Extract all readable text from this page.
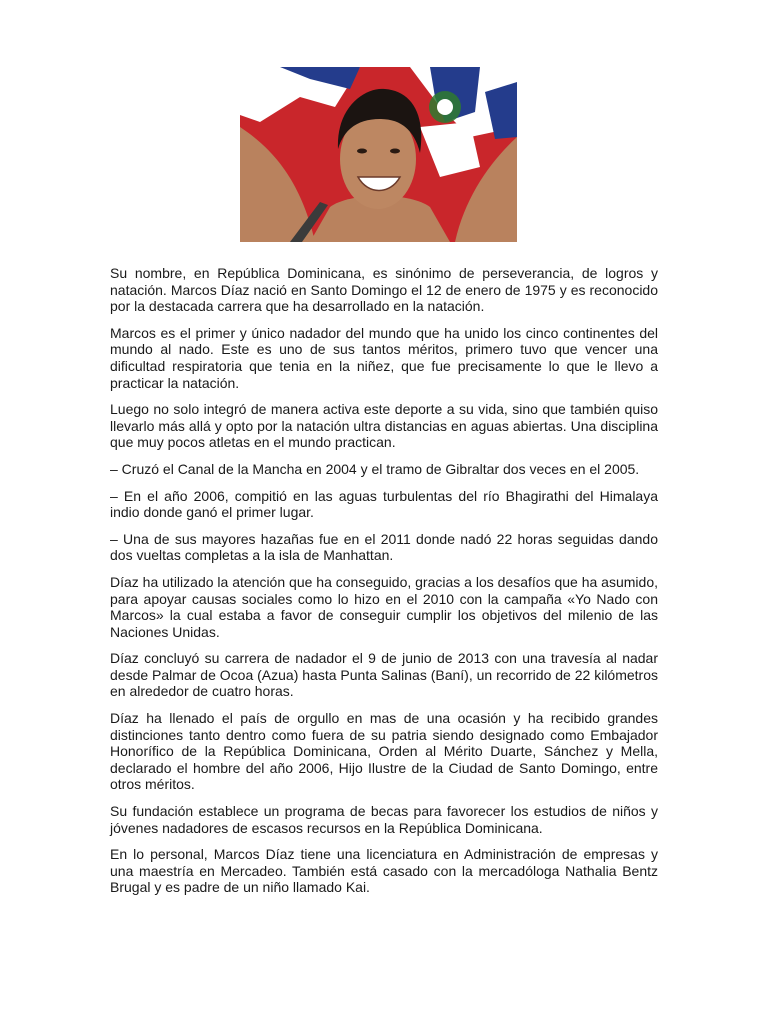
Su nombre, en República Dominicana, es sinónimo de perseverancia, de logros y natación. Marcos Díaz nació en Santo Domingo el 12 de enero de 1975 y es reconocido por la destacada carrera que ha desarrollado en la natación.

Marcos es el primer y único nadador del mundo que ha unido los cinco continentes del mundo al nado. Este es uno de sus tantos méritos, primero tuvo que vencer una dificultad respiratoria que tenia en la niñez, que fue precisamente lo que le llevo a practicar la natación.

Luego no solo integró de manera activa este deporte a su vida, sino que también quiso llevarlo más allá y opto por la natación ultra distancias en aguas abiertas. Una disciplina que muy pocos atletas en el mundo practican.

– Cruzó el Canal de la Mancha en 2004 y el tramo de Gibraltar dos veces en el 2005.

– En el año 2006, compitió en las aguas turbulentas del río Bhagirathi del Himalaya indio donde ganó el primer lugar.

– Una de sus mayores hazañas fue en el 2011 donde nadó 22 horas seguidas dando dos vueltas completas a la isla de Manhattan.

Díaz ha utilizado la atención que ha conseguido, gracias a los desafíos que ha asumido, para apoyar causas sociales como lo hizo en el 2010 con la campaña «Yo Nado con Marcos» la cual estaba a favor de conseguir cumplir los objetivos del milenio de las Naciones Unidas.

Díaz concluyó su carrera de nadador el 9 de junio de 2013 con una travesía al nadar desde Palmar de Ocoa (Azua) hasta Punta Salinas (Baní), un recorrido de 22 kilómetros en alrededor de cuatro horas.

Díaz ha llenado el país de orgullo en mas de una ocasión y ha recibido grandes distinciones tanto dentro como fuera de su patria siendo designado como Embajador Honorífico de la República Dominicana, Orden al Mérito Duarte, Sánchez y Mella, declarado el hombre del año 2006, Hijo Ilustre de la Ciudad de Santo Domingo, entre otros méritos.

Su fundación establece un programa de becas para favorecer los estudios de niños y jóvenes nadadores de escasos recursos en la República Dominicana.

En lo personal, Marcos Díaz tiene una licenciatura en Administración de empresas y una maestría en Mercadeo. También está casado con la mercadóloga Nathalia Bentz Brugal y es padre de un niño llamado Kai.
